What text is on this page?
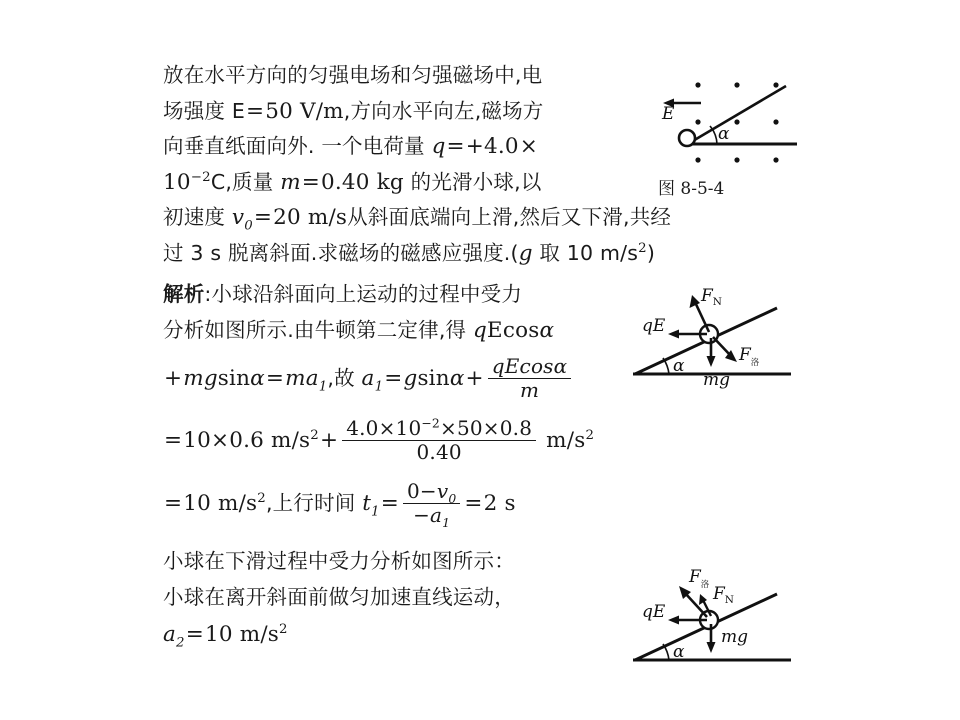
放在水平方向的匀强电场和匀强磁场中,电
场强度 E=50 V/m,方向水平向左,磁场方
向垂直纸面向外. 一个电荷量 q=+4.0×
$10^{-2}C$,质量 m=0.40 kg 的光滑小球,以
初速度 $v_0=20$ m/s从斜面底端向上滑,然后又下滑,共经
过 3 s 脱离斜面.求磁场的磁感应强度.(g 取 10 $m/s^2$)
解析:小球沿斜面向上运动的过程中受力
分析如图所示.由牛顿第二定律,得 qEcosα
$+mgsin\alpha=ma_1$,故 $a_1=gsin\alpha+ \frac{qEcos\alpha}{m}$
=10×0.6 $m/s^2+ \frac{4.0\times 10^{-2}\times 50\times 0.8}{0.40} m/s^2$
=10 $m/s^2$,上行时间 $t_1= \frac{0-v_0}{-a_1} =2$ s
小球在下滑过程中受力分析如图所示：
小球在离开斜面前做匀加速直线运动，
$a_2=10$ $m/s^2$
E
α
图 8-5-4
α
$F_N$
qE
mg
$F_洛$
α
$F_洛$ $F_N$
qE
mg
